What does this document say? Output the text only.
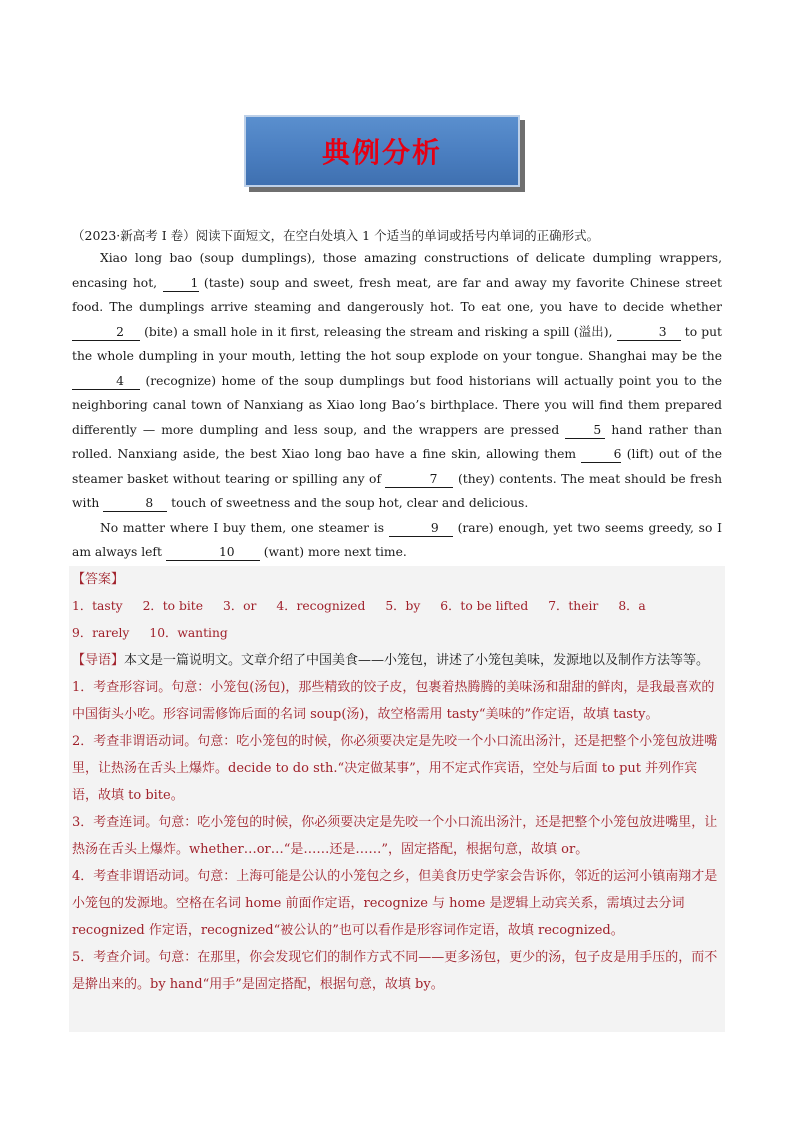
典例分析
（2023·新高考 I 卷）阅读下面短文，在空白处填入 1 个适当的单词或括号内单词的正确形式。

Xiao long bao (soup dumplings), those amazing constructions of delicate dumpling wrappers, encasing hot,	1 (taste) soup and sweet, fresh meat, are far and away my favorite Chinese street food. The dumplings arrive steaming and dangerously hot. To eat one, you have to decide whether 2 (bite) a small hole in it first, releasing the stream and risking a spill (溢出),	3 to put the whole dumpling in your mouth, letting the hot soup explode on your tongue. Shanghai may be the 4 (recognize) home of the soup dumplings but food historians will actually point you to the neighboring canal town of Nanxiang as Xiao long Bao’s birthplace. There you will find them prepared differently — more dumpling and less soup, and the wrappers are pressed 5 hand rather than rolled. Nanxiang aside, the best Xiao long bao have a fine skin, allowing them	6 (lift) out of the steamer basket without tearing or spilling any of	7 (they) contents. The meat should be fresh with	8 touch of sweetness and the soup hot, clear and delicious.

No matter where I buy them, one steamer is	9 (rare) enough, yet two seems greedy, so I am always left	10 (want) more next time.

【答案】
1．tasty 2．to bite 3．or 4．recognized 5．by 6．to be lifted 7．their 8．a
9．rarely 10．wanting
【导语】本文是一篇说明文。文章介绍了中国美食——小笼包，讲述了小笼包美味，发源地以及制作方法等等。

1．考查形容词。句意：小笼包(汤包)，那些精致的饺子皮，包裹着热腾腾的美味汤和甜甜的鲜肉，是我最喜欢的中国街头小吃。形容词需修饰后面的名词 soup(汤)，故空格需用 tasty“美味的”作定语，故填 tasty。

2．考查非谓语动词。句意：吃小笼包的时候，你必须要决定是先咬一个小口流出汤汁，还是把整个小笼包放进嘴里，让热汤在舌头上爆炸。decide to do sth.“决定做某事”，用不定式作宾语，空处与后面 to put 并列作宾语，故填 to bite。

3．考查连词。句意：吃小笼包的时候，你必须要决定是先咬一个小口流出汤汁，还是把整个小笼包放进嘴里，让热汤在舌头上爆炸。whether…or…“是……还是……”，固定搭配，根据句意，故填 or。

4．考查非谓语动词。句意：上海可能是公认的小笼包之乡，但美食历史学家会告诉你，邻近的运河小镇南翔才是小笼包的发源地。空格在名词 home 前面作定语，recognize 与 home 是逻辑上动宾关系，需填过去分词 recognized 作定语，recognized“被公认的”也可以看作是形容词作定语，故填 recognized。

5．考查介词。句意：在那里，你会发现它们的制作方式不同——更多汤包，更少的汤，包子皮是用手压的，而不是擀出来的。by hand“用手”是固定搭配，根据句意，故填 by。
